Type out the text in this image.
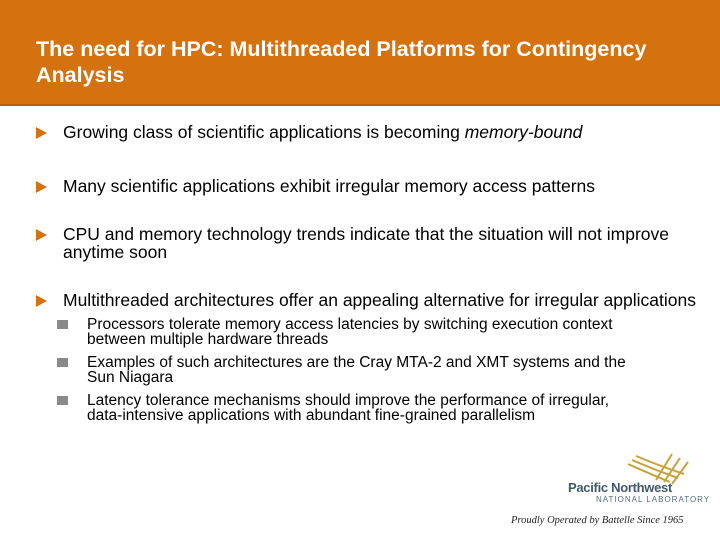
The need for HPC: Multithreaded Platforms for Contingency Analysis
Growing class of scientific applications is becoming memory-bound
Many scientific applications exhibit irregular memory access patterns
CPU and memory technology trends indicate that the situation will not improve anytime soon
Multithreaded architectures offer an appealing alternative for irregular applications
Processors tolerate memory access latencies by switching execution context between multiple hardware threads
Examples of such architectures are the Cray MTA-2 and XMT systems and the Sun Niagara
Latency tolerance mechanisms should improve the performance of irregular, data-intensive applications with abundant fine-grained parallelism
Pacific Northwest
NATIONAL LABORATORY
Proudly Operated by Battelle Since 1965
